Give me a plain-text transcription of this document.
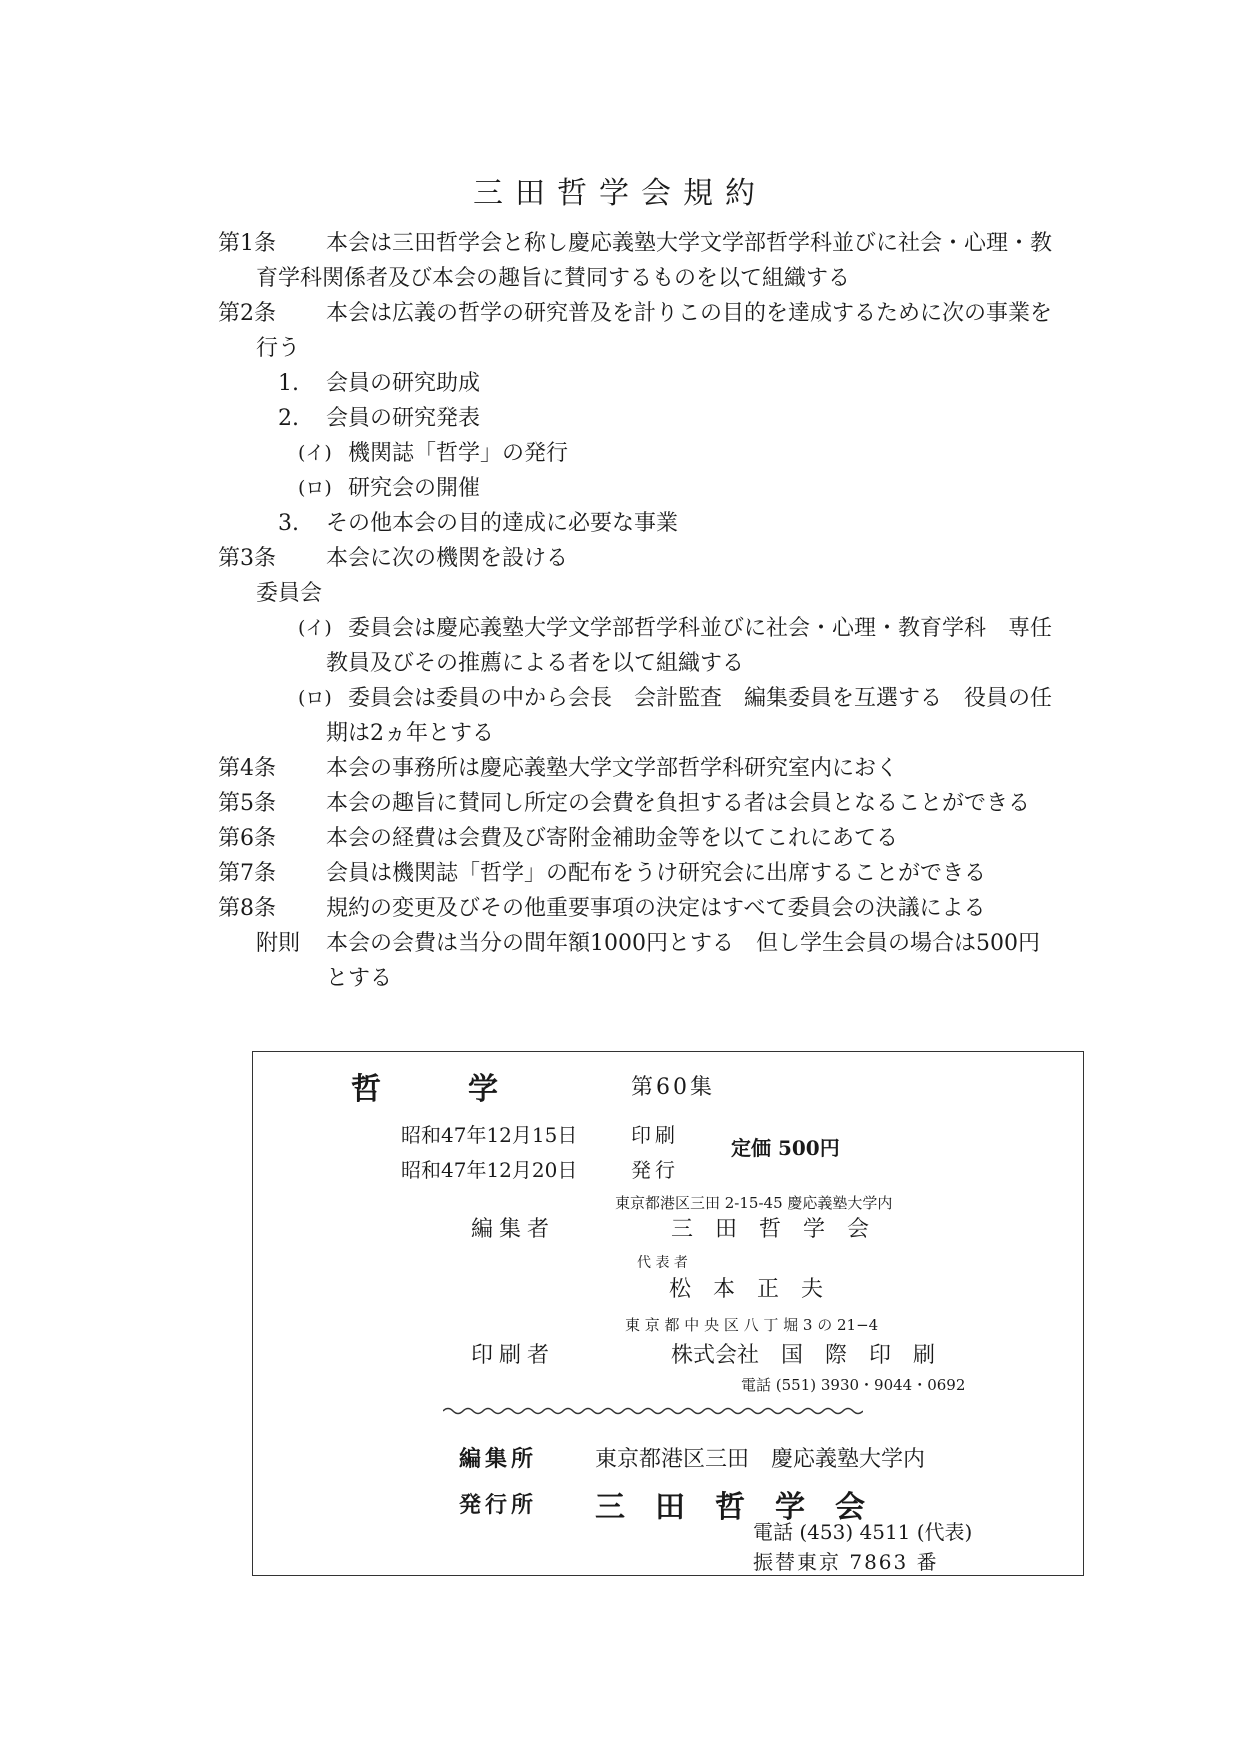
三田哲学会規約
第1条 本会は三田哲学会と称し慶応義塾大学文学部哲学科並びに社会・心理・教
育学科関係者及び本会の趣旨に賛同するものを以て組織する
第2条 本会は広義の哲学の研究普及を計りこの目的を達成するために次の事業を
行う
1. 会員の研究助成
2. 会員の研究発表
(イ) 機関誌「哲学」の発行
(ロ) 研究会の開催
3. その他本会の目的達成に必要な事業
第3条 本会に次の機関を設ける
委員会
(イ) 委員会は慶応義塾大学文学部哲学科並びに社会・心理・教育学科　専任
教員及びその推薦による者を以て組織する
(ロ) 委員会は委員の中から会長　会計監査　編集委員を互選する　役員の任
期は2ヵ年とする
第4条 本会の事務所は慶応義塾大学文学部哲学科研究室内におく
第5条 本会の趣旨に賛同し所定の会費を負担する者は会員となることができる
第6条 本会の経費は会費及び寄附金補助金等を以てこれにあてる
第7条 会員は機関誌「哲学」の配布をうけ研究会に出席することができる
第8条 規約の変更及びその他重要事項の決定はすべて委員会の決議による
附則 本会の会費は当分の間年額1000円とする　但し学生会員の場合は500円
とする
哲	学	第60集
昭和47年12月15日	印刷
昭和47年12月20日	発行
定価 500円
東京都港区三田 2-15-45 慶応義塾大学内
編集者	三　田　哲　学　会
代 表 者
松　本　正　夫
東 京 都 中 央 区 八 丁 堀 3 の 21−4
印刷者	株式会社　国　際　印　刷
電話 (551) 3930・9044・0692
編集所	東京都港区三田　慶応義塾大学内
発行所 三　田　哲　学　会
電話 (453) 4511 (代表)
振替東京 7863 番
